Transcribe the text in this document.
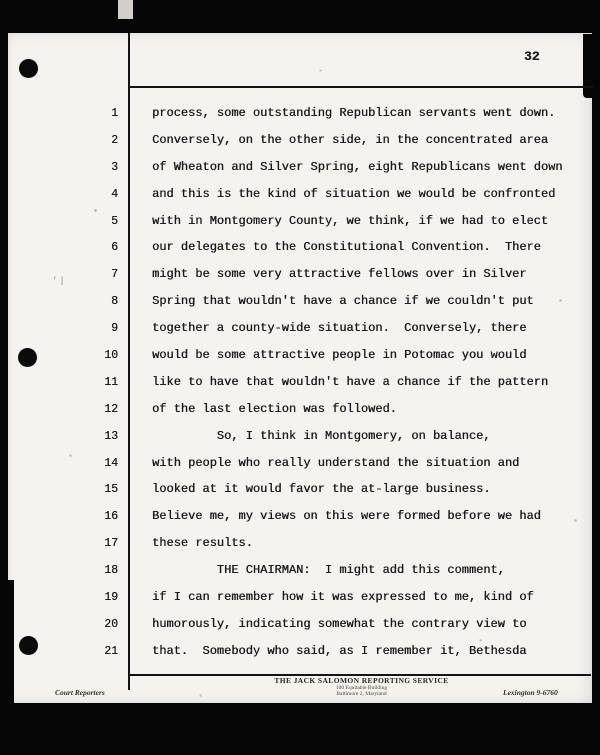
32
1	process, some outstanding Republican servants went down.
2	Conversely, on the other side, in the concentrated area
3	of Wheaton and Silver Spring, eight Republicans went down
4	and this is the kind of situation we would be confronted
5	with in Montgomery County, we think, if we had to elect
6	our delegates to the Constitutional Convention.  There
7	might be some very attractive fellows over in Silver
8	Spring that wouldn't have a chance if we couldn't put
9	together a county-wide situation.  Conversely, there
10	would be some attractive people in Potomac you would
11	like to have that wouldn't have a chance if the pattern
12	of the last election was followed.
13	So, I think in Montgomery, on balance,
14	with people who really understand the situation and
15	looked at it would favor the at-large business.
16	Believe me, my views on this were formed before we had
17	these results.
18	THE CHAIRMAN:  I might add this comment,
19	if I can remember how it was expressed to me, kind of
20	humorously, indicating somewhat the contrary view to
21	that.  Somebody who said, as I remember it, Bethesda
THE JACK SALOMON REPORTING SERVICE
100 Equitable Building
Baltimore 2, Maryland
Court Reporters	Lexington 9-6760
’|
